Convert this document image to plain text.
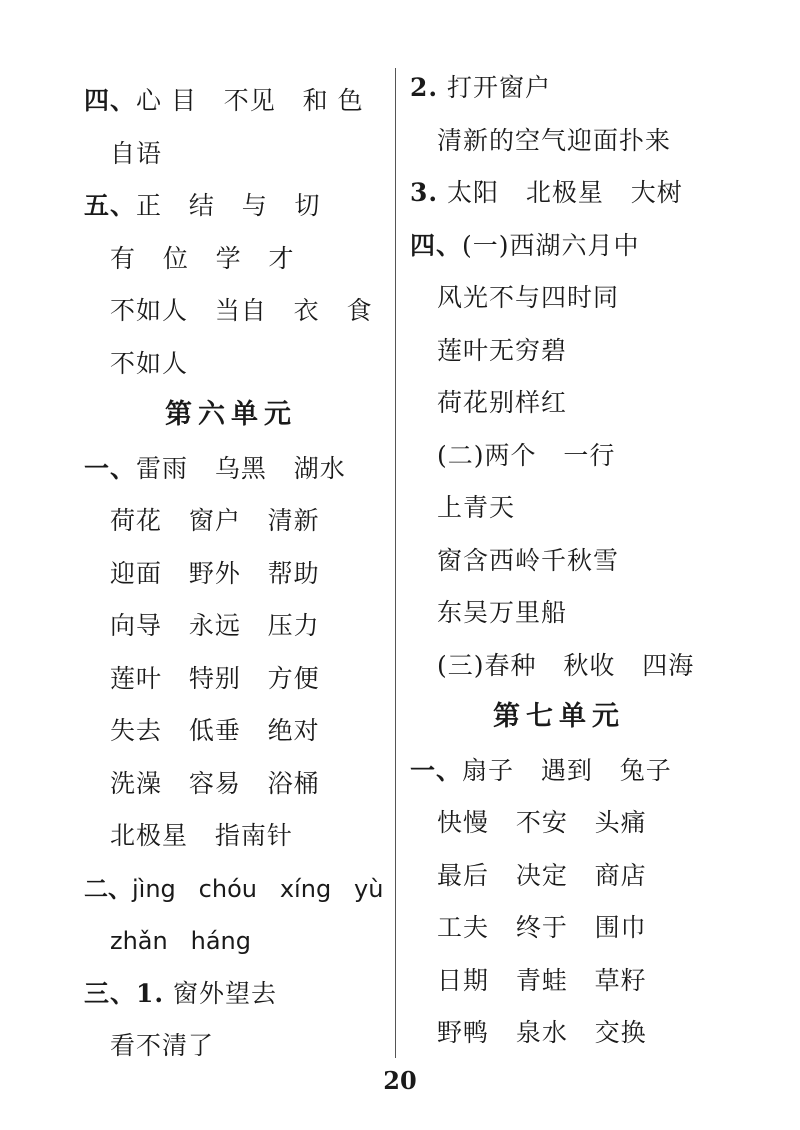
四、心 目   不见   和 色
自语
五、正   结   与   切
有   位   学   才
不如人   当自   衣   食
不如人
第六单元
一、雷雨   乌黑   湖水
荷花   窗户   清新
迎面   野外   帮助
向导   永远   压力
莲叶   特别   方便
失去   低垂   绝对
洗澡   容易   浴桶
北极星   指南针
二、jìng   chóu   xíng   yù
zhǎn   háng
三、1. 窗外望去
看不清了
2. 打开窗户
清新的空气迎面扑来
3. 太阳   北极星   大树
四、(一)西湖六月中
风光不与四时同
莲叶无穷碧
荷花别样红
(二)两个   一行
上青天
窗含西岭千秋雪
东吴万里船
(三)春种   秋收   四海
第七单元
一、扇子   遇到   兔子
快慢   不安   头痛
最后   决定   商店
工夫   终于   围巾
日期   青蛙   草籽
野鸭   泉水   交换
20
